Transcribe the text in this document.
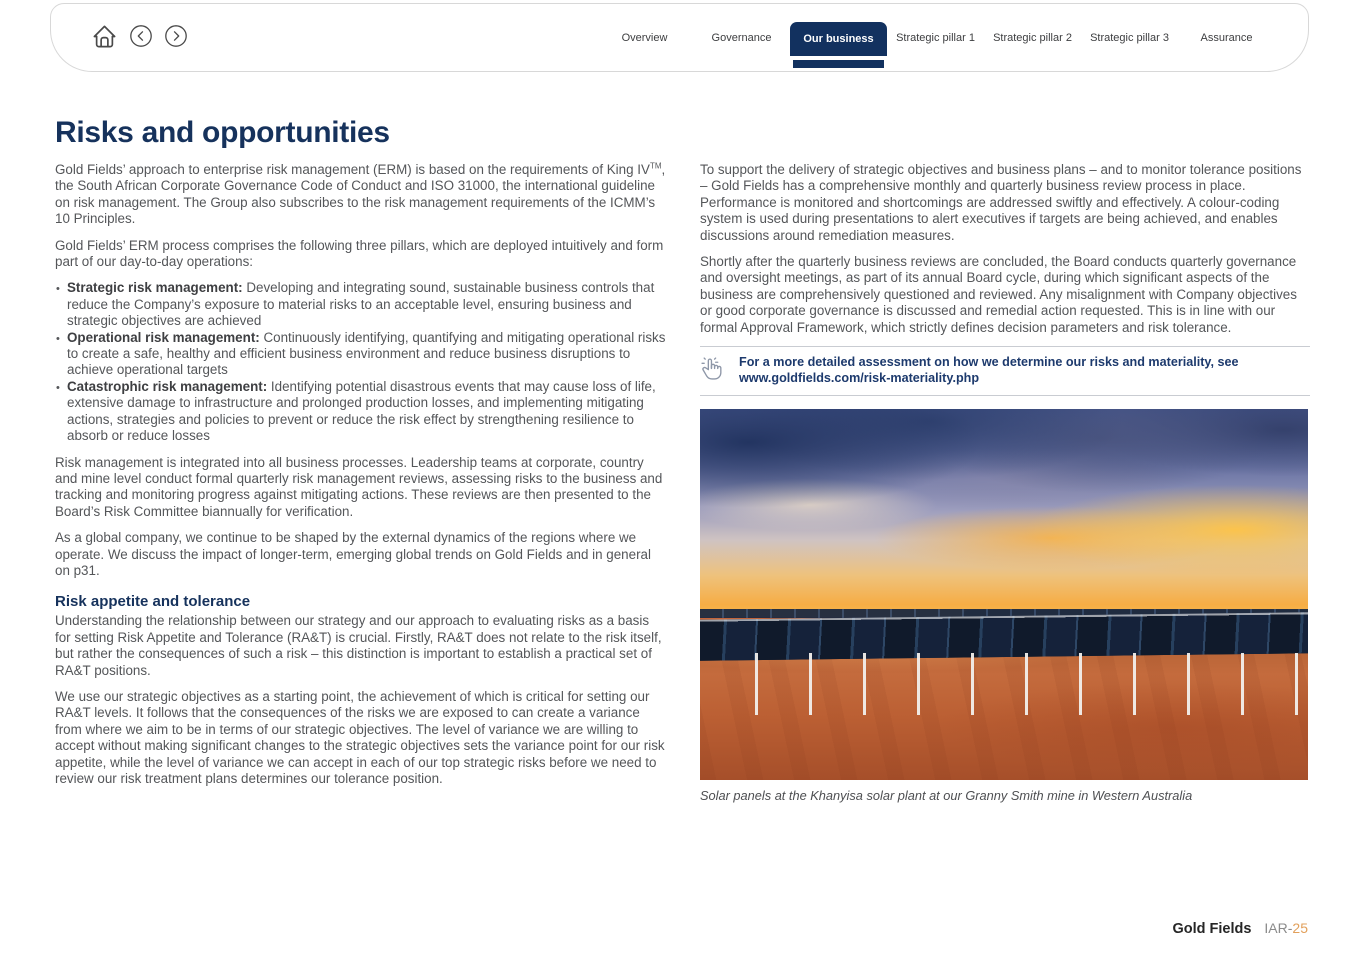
Overview	Governance	Our business	Strategic pillar 1	Strategic pillar 2	Strategic pillar 3	Assurance
Risks and opportunities

Gold Fields’ approach to enterprise risk management (ERM) is based on the requirements of King IV™, the South African Corporate Governance Code of Conduct and ISO 31000, the international guideline on risk management. The Group also subscribes to the risk management requirements of the ICMM’s 10 Principles.

Gold Fields’ ERM process comprises the following three pillars, which are deployed intuitively and form part of our day-to-day operations:

• Strategic risk management: Developing and integrating sound, sustainable business controls that reduce the Company’s exposure to material risks to an acceptable level, ensuring business and strategic objectives are achieved
• Operational risk management: Continuously identifying, quantifying and mitigating operational risks to create a safe, healthy and efficient business environment and reduce business disruptions to achieve operational targets
• Catastrophic risk management: Identifying potential disastrous events that may cause loss of life, extensive damage to infrastructure and prolonged production losses, and implementing mitigating actions, strategies and policies to prevent or reduce the risk effect by strengthening resilience to absorb or reduce losses

Risk management is integrated into all business processes. Leadership teams at corporate, country and mine level conduct formal quarterly risk management reviews, assessing risks to the business and tracking and monitoring progress against mitigating actions. These reviews are then presented to the Board’s Risk Committee biannually for verification.

As a global company, we continue to be shaped by the external dynamics of the regions where we operate. We discuss the impact of longer-term, emerging global trends on Gold Fields and in general on p31.

Risk appetite and tolerance

Understanding the relationship between our strategy and our approach to evaluating risks as a basis for setting Risk Appetite and Tolerance (RA&T) is crucial. Firstly, RA&T does not relate to the risk itself, but rather the consequences of such a risk – this distinction is important to establish a practical set of RA&T positions.

We use our strategic objectives as a starting point, the achievement of which is critical for setting our RA&T levels. It follows that the consequences of the risks we are exposed to can create a variance from where we aim to be in terms of our strategic objectives. The level of variance we are willing to accept without making significant changes to the strategic objectives sets the variance point for our risk appetite, while the level of variance we can accept in each of our top strategic risks before we need to review our risk treatment plans determines our tolerance position.

To support the delivery of strategic objectives and business plans – and to monitor tolerance positions – Gold Fields has a comprehensive monthly and quarterly business review process in place. Performance is monitored and shortcomings are addressed swiftly and effectively. A colour-coding system is used during presentations to alert executives if targets are being achieved, and enables discussions around remediation measures.

Shortly after the quarterly business reviews are concluded, the Board conducts quarterly governance and oversight meetings, as part of its annual Board cycle, during which significant aspects of the business are comprehensively questioned and reviewed. Any misalignment with Company objectives or good corporate governance is discussed and remedial action requested. This is in line with our formal Approval Framework, which strictly defines decision parameters and risk tolerance.

For a more detailed assessment on how we determine our risks and materiality, see www.goldfields.com/risk-materiality.php
Solar panels at the Khanyisa solar plant at our Granny Smith mine in Western Australia
Gold Fields IAR-25
